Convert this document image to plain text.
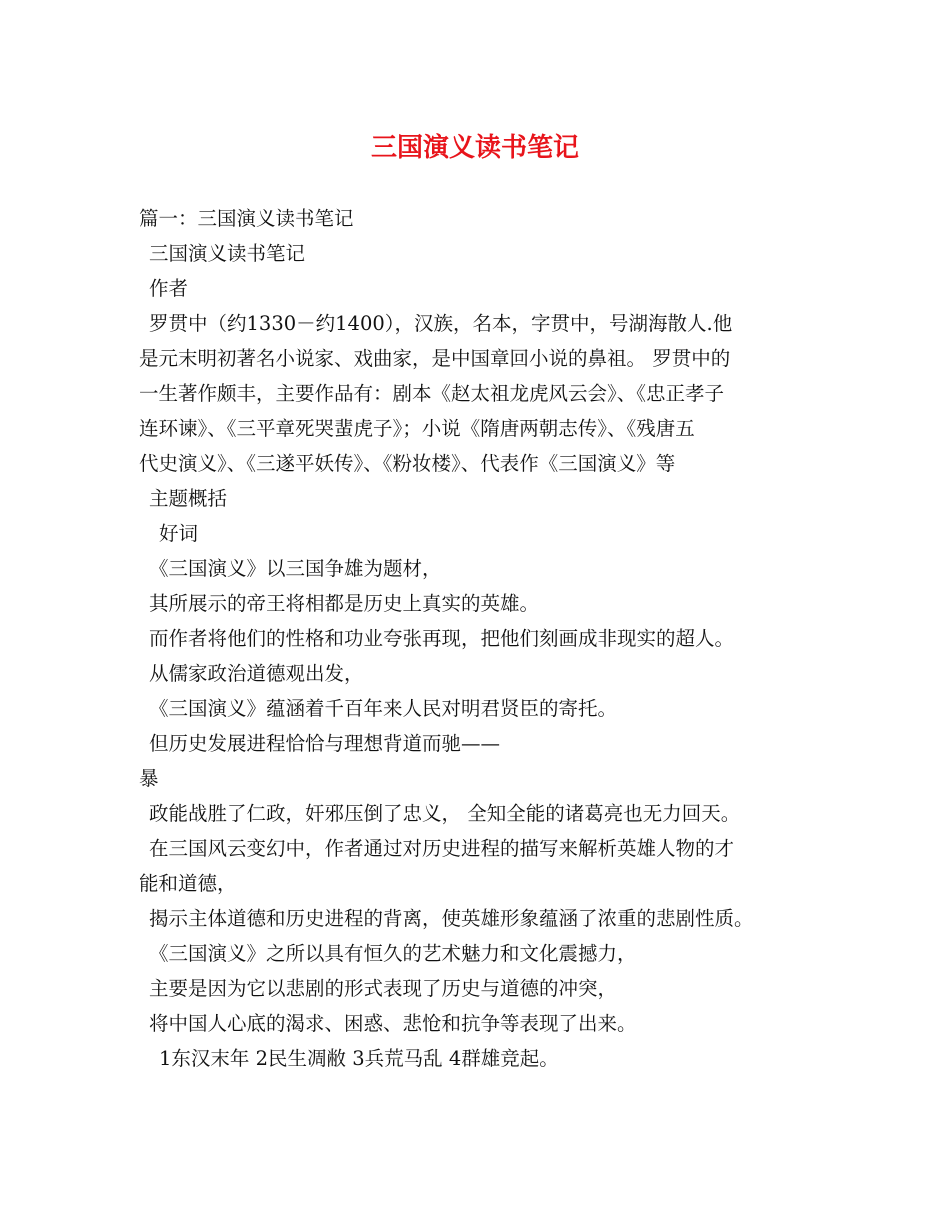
三国演义读书笔记
篇一：三国演义读书笔记
三国演义读书笔记
作者
罗贯中（约1330－约1400），汉族，名本，字贯中，号湖海散人.他
是元末明初著名小说家、戏曲家，是中国章回小说的鼻祖。 罗贯中的
一生著作颇丰，主要作品有：剧本《赵太祖龙虎风云会》、《忠正孝子
连环谏》、《三平章死哭蜚虎子》；小说《隋唐两朝志传》、《残唐五
代史演义》、《三遂平妖传》、《粉妆楼》、代表作《三国演义》等
主题概括
好词
《三国演义》以三国争雄为题材，
其所展示的帝王将相都是历史上真实的英雄。
而作者将他们的性格和功业夸张再现，把他们刻画成非现实的超人。
从儒家政治道德观出发，
《三国演义》蕴涵着千百年来人民对明君贤臣的寄托。
但历史发展进程恰恰与理想背道而驰——
暴
政能战胜了仁政，奸邪压倒了忠义， 全知全能的诸葛亮也无力回天。
在三国风云变幻中，作者通过对历史进程的描写来解析英雄人物的才
能和道德，
揭示主体道德和历史进程的背离，使英雄形象蕴涵了浓重的悲剧性质。
《三国演义》之所以具有恒久的艺术魅力和文化震撼力，
主要是因为它以悲剧的形式表现了历史与道德的冲突，
将中国人心底的渴求、困惑、悲怆和抗争等表现了出来。
1东汉末年 2民生凋敝 3兵荒马乱 4群雄竞起。
